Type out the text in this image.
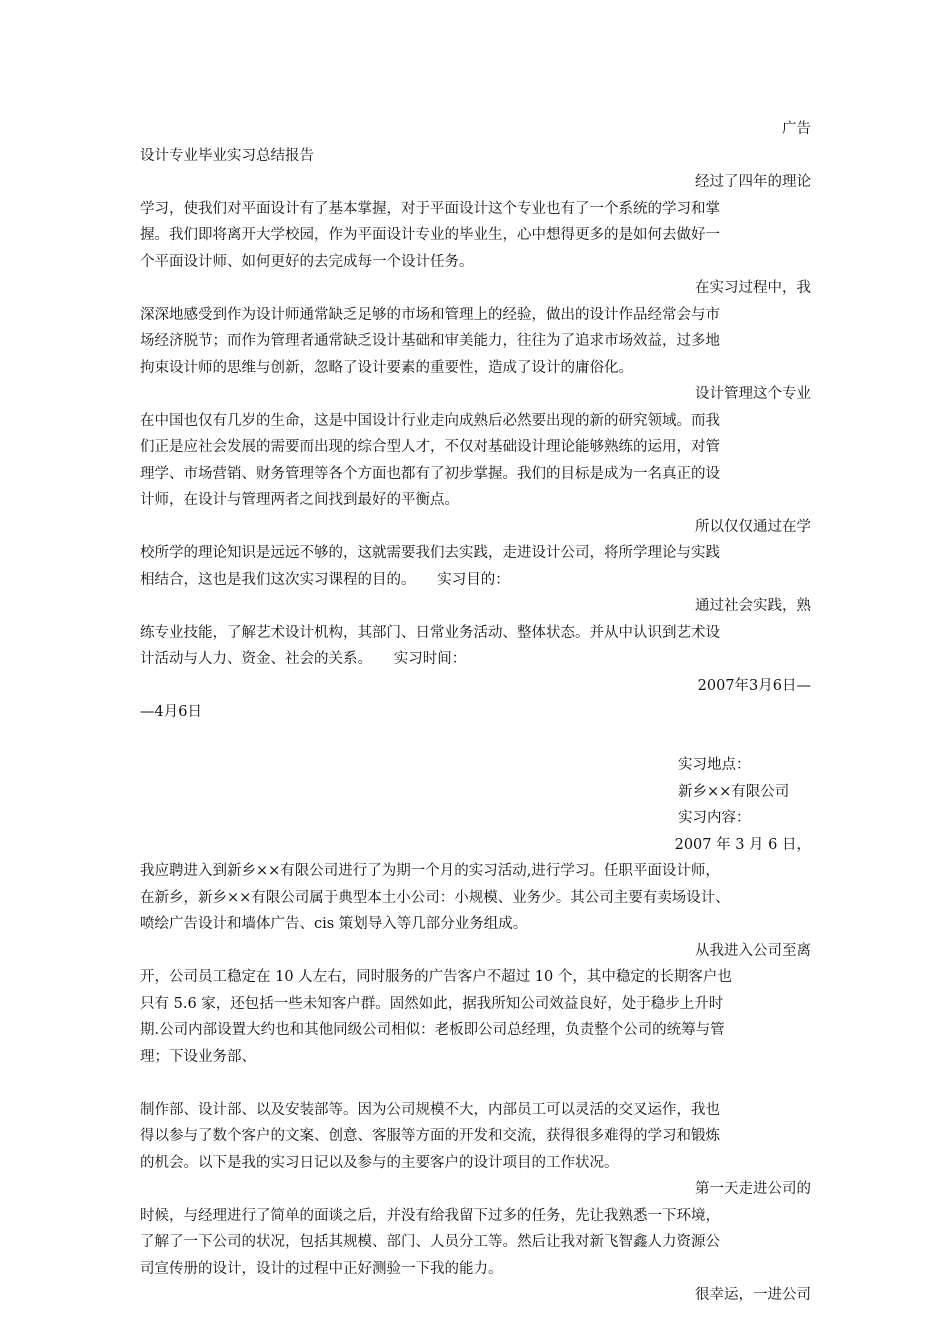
广告
设计专业毕业实习总结报告
经过了四年的理论
学习，使我们对平面设计有了基本掌握，对于平面设计这个专业也有了一个系统的学习和掌
握。我们即将离开大学校园，作为平面设计专业的毕业生，心中想得更多的是如何去做好一
个平面设计师、如何更好的去完成每一个设计任务。
在实习过程中，我
深深地感受到作为设计师通常缺乏足够的市场和管理上的经验，做出的设计作品经常会与市
场经济脱节；而作为管理者通常缺乏设计基础和审美能力，往往为了追求市场效益，过多地
拘束设计师的思维与创新，忽略了设计要素的重要性，造成了设计的庸俗化。
设计管理这个专业
在中国也仅有几岁的生命，这是中国设计行业走向成熟后必然要出现的新的研究领域。而我
们正是应社会发展的需要而出现的综合型人才，不仅对基础设计理论能够熟练的运用，对管
理学、市场营销、财务管理等各个方面也都有了初步掌握。我们的目标是成为一名真正的设
计师，在设计与管理两者之间找到最好的平衡点。
所以仅仅通过在学
校所学的理论知识是远远不够的，这就需要我们去实践，走进设计公司，将所学理论与实践
相结合，这也是我们这次实习课程的目的。　　实习目的：
通过社会实践，熟
练专业技能，了解艺术设计机构，其部门、日常业务活动、整体状态。并从中认识到艺术设
计活动与人力、资金、社会的关系。　　实习时间：
2007年3月6日—
—4月6日
实习地点：
新乡××有限公司
实习内容：
2007 年 3 月 6 日，
我应聘进入到新乡××有限公司进行了为期一个月的实习活动,进行学习。任职平面设计师，
在新乡，新乡××有限公司属于典型本土小公司：小规模、业务少。其公司主要有卖场设计、
喷绘广告设计和墙体广告、cis 策划导入等几部分业务组成。
从我进入公司至离
开，公司员工稳定在 10 人左右，同时服务的广告客户不超过 10 个，其中稳定的长期客户也
只有 5.6 家，还包括一些未知客户群。固然如此，据我所知公司效益良好，处于稳步上升时
期.公司内部设置大约也和其他同级公司相似：老板即公司总经理，负责整个公司的统筹与管
理；下设业务部、
制作部、设计部、以及安装部等。因为公司规模不大，内部员工可以灵活的交叉运作，我也
得以参与了数个客户的文案、创意、客服等方面的开发和交流，获得很多难得的学习和锻炼
的机会。以下是我的实习日记以及参与的主要客户的设计项目的工作状况。
第一天走进公司的
时候，与经理进行了简单的面谈之后，并没有给我留下过多的任务，先让我熟悉一下环境，
了解了一下公司的状况，包括其规模、部门、人员分工等。然后让我对新飞智鑫人力资源公
司宣传册的设计，设计的过程中正好测验一下我的能力。
很幸运，一进公司
